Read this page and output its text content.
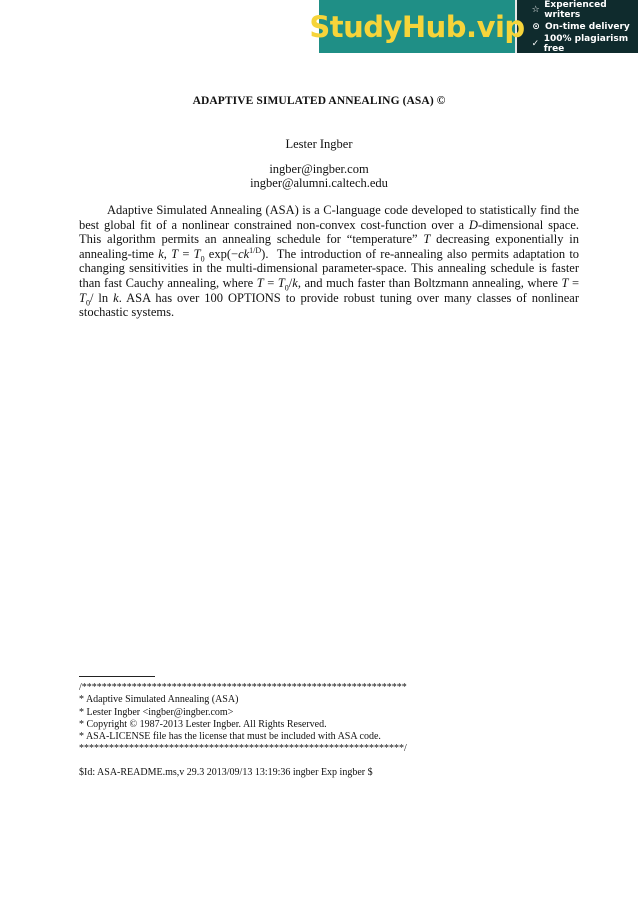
StudyHub.vip ☆ Experienced writers
⊙ On-time delivery
✓ 100% plagiarism free
ADAPTIVE SIMULATED ANNEALING (ASA) ©
Lester Ingber
ingber@ingber.com
ingber@alumni.caltech.edu

Adaptive Simulated Annealing (ASA) is a C-language code developed to statistically find the best global fit of a nonlinear constrained non-convex cost-function over a D-dimensional space. This algorithm permits an annealing schedule for “temperature” T decreasing exponentially in annealing-time k, $T = T_0$ $\exp(-ck^{1/D})$. The introduction of re-annealing also permits adaptation to changing sensitivities in the multi-dimensional parameter-space. This annealing schedule is faster than fast Cauchy annealing, where $T = T_0/k$, and much faster than Boltzmann annealing, where $T = T_0/$ ln k. ASA has over 100 OPTIONS to provide robust tuning over many classes of nonlinear stochastic systems.

/*****************************************************************
* Adaptive Simulated Annealing (ASA)
* Lester Ingber <ingber@ingber.com>
* Copyright © 1987-2013 Lester Ingber. All Rights Reserved.
* ASA-LICENSE file has the license that must be included with ASA code.
*****************************************************************/
$Id: ASA-README.ms,v 29.3 2013/09/13 13:19:36 ingber Exp ingber $
